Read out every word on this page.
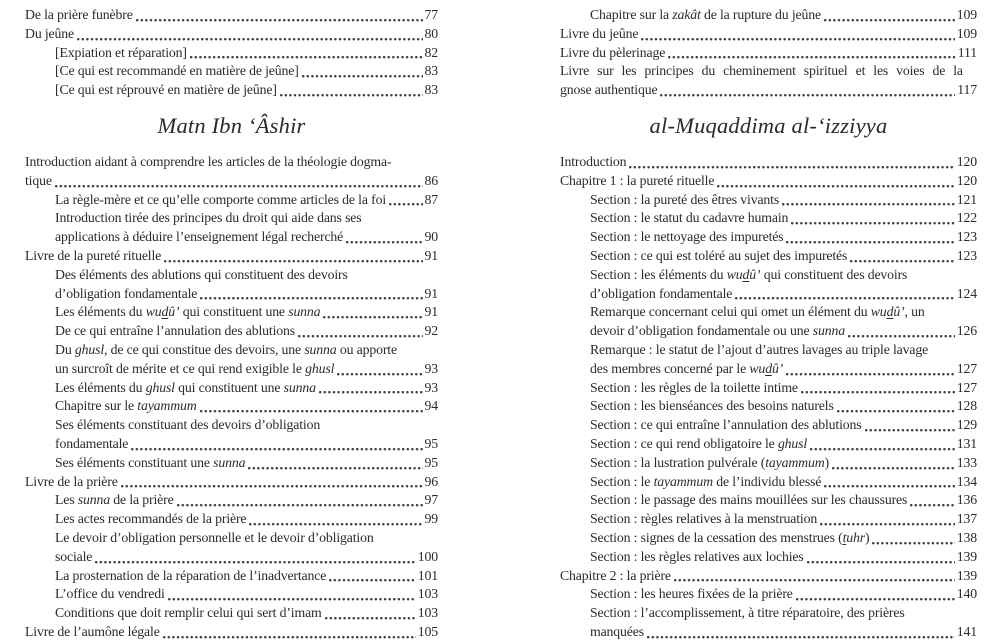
De la prière funèbre	77
Du jeûne	80
[Expiation et réparation]	82
[Ce qui est recommandé en matière de jeûne]	83
[Ce qui est réprouvé en matière de jeûne]	83
Matn Ibn ‘Âshir
Introduction aidant à comprendre les articles de la théologie dogma-
tique	86
La règle-mère et ce qu’elle comporte comme articles de la foi	87
Introduction tirée des principes du droit qui aide dans ses
applications à déduire l’enseignement légal recherché	90
Livre de la pureté rituelle	91
Des éléments des ablutions qui constituent des devoirs
d’obligation fondamentale	91
Les éléments du wudû’ qui constituent une sunna	91
De ce qui entraîne l’annulation des ablutions	92
Du ghusl, de ce qui constitue des devoirs, une sunna ou apporte
un surcroît de mérite et ce qui rend exigible le ghusl	93
Les éléments du ghusl qui constituent une sunna	93
Chapitre sur le tayammum	94
Ses éléments constituant des devoirs d’obligation
fondamentale	95
Ses éléments constituant une sunna	95
Livre de la prière	96
Les sunna de la prière	97
Les actes recommandés de la prière	99
Le devoir d’obligation personnelle et le devoir d’obligation
sociale	100
La prosternation de la réparation de l’inadvertance	101
L’office du vendredi	103
Conditions que doit remplir celui qui sert d’imam	103
Livre de l’aumône légale	105
Chapitre sur la zakât de la rupture du jeûne	109
Livre du jeûne	109
Livre du pèlerinage	111
Livre sur les principes du cheminement spirituel et les voies de la
gnose authentique	117
al-Muqaddima al-‘izziyya
Introduction	120
Chapitre 1 : la pureté rituelle	120
Section : la pureté des êtres vivants	121
Section : le statut du cadavre humain	122
Section : le nettoyage des impuretés	123
Section : ce qui est toléré au sujet des impuretés	123
Section : les éléments du wudû’ qui constituent des devoirs
d’obligation fondamentale	124
Remarque concernant celui qui omet un élément du wudû’, un
devoir d’obligation fondamentale ou une sunna	126
Remarque : le statut de l’ajout d’autres lavages au triple lavage
des membres concerné par le wudû’	127
Section : les règles de la toilette intime	127
Section : les bienséances des besoins naturels	128
Section : ce qui entraîne l’annulation des ablutions	129
Section : ce qui rend obligatoire le ghusl	131
Section : la lustration pulvérale (tayammum)	133
Section : le tayammum de l’individu blessé	134
Section : le passage des mains mouillées sur les chaussures	136
Section : règles relatives à la menstruation	137
Section : signes de la cessation des menstrues (tuhr)	138
Section : les règles relatives aux lochies	139
Chapitre 2 : la prière	139
Section : les heures fixées de la prière	140
Section : l’accomplissement, à titre réparatoire, des prières
manquées	141
